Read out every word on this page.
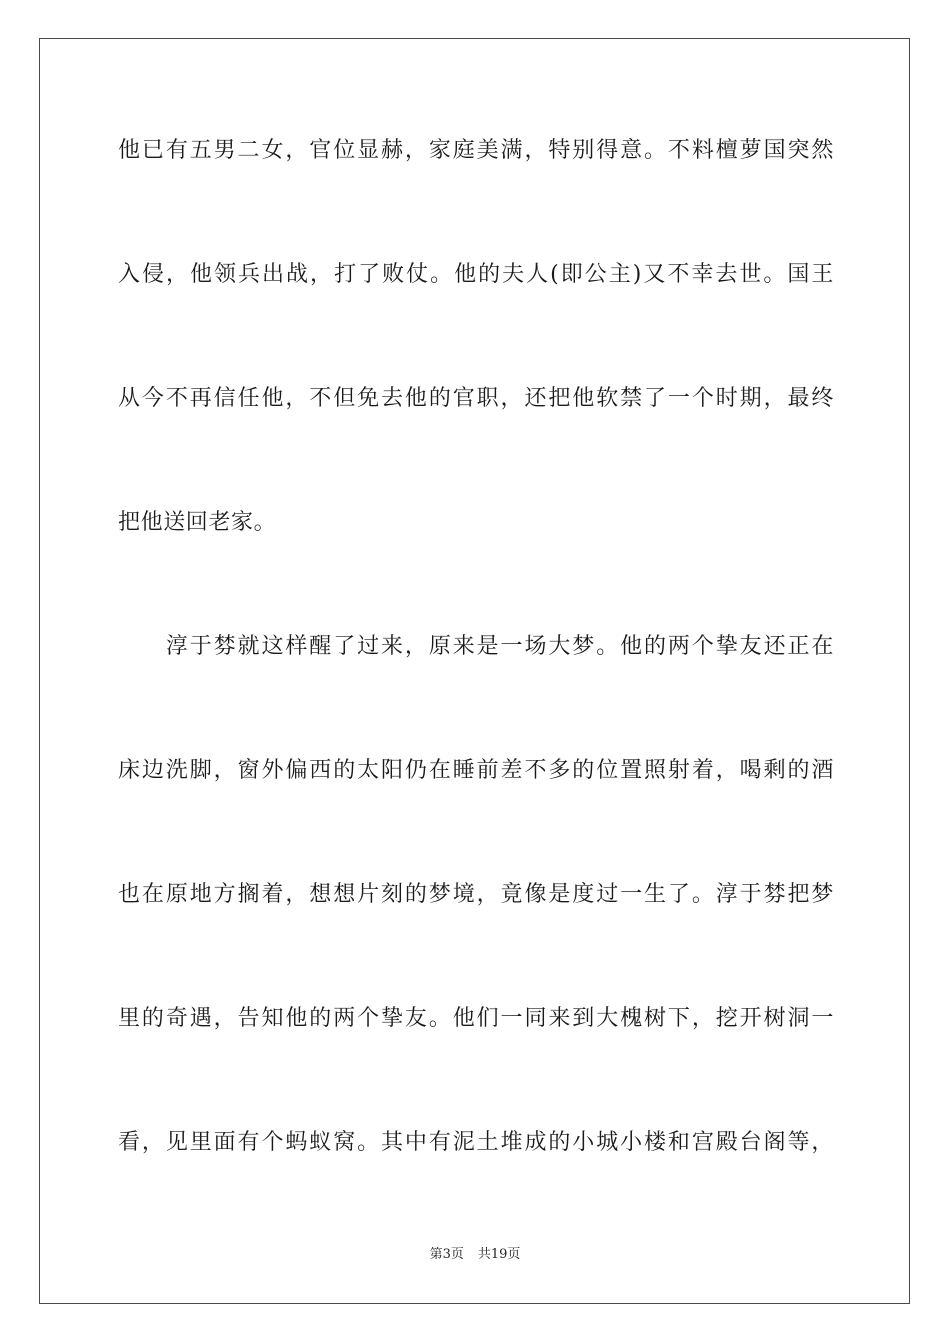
他已有五男二女，官位显赫，家庭美满，特别得意。不料檀萝国突然
入侵，他领兵出战，打了败仗。他的夫人(即公主)又不幸去世。国王
从今不再信任他，不但免去他的官职，还把他软禁了一个时期，最终
把他送回老家。
　　淳于棼就这样醒了过来，原来是一场大梦。他的两个挚友还正在
床边洗脚，窗外偏西的太阳仍在睡前差不多的位置照射着，喝剩的酒
也在原地方搁着，想想片刻的梦境，竟像是度过一生了。淳于棼把梦
里的奇遇，告知他的两个挚友。他们一同来到大槐树下，挖开树洞一
看，见里面有个蚂蚁窝。其中有泥土堆成的小城小楼和宫殿台阁等，
第3页 共19页
